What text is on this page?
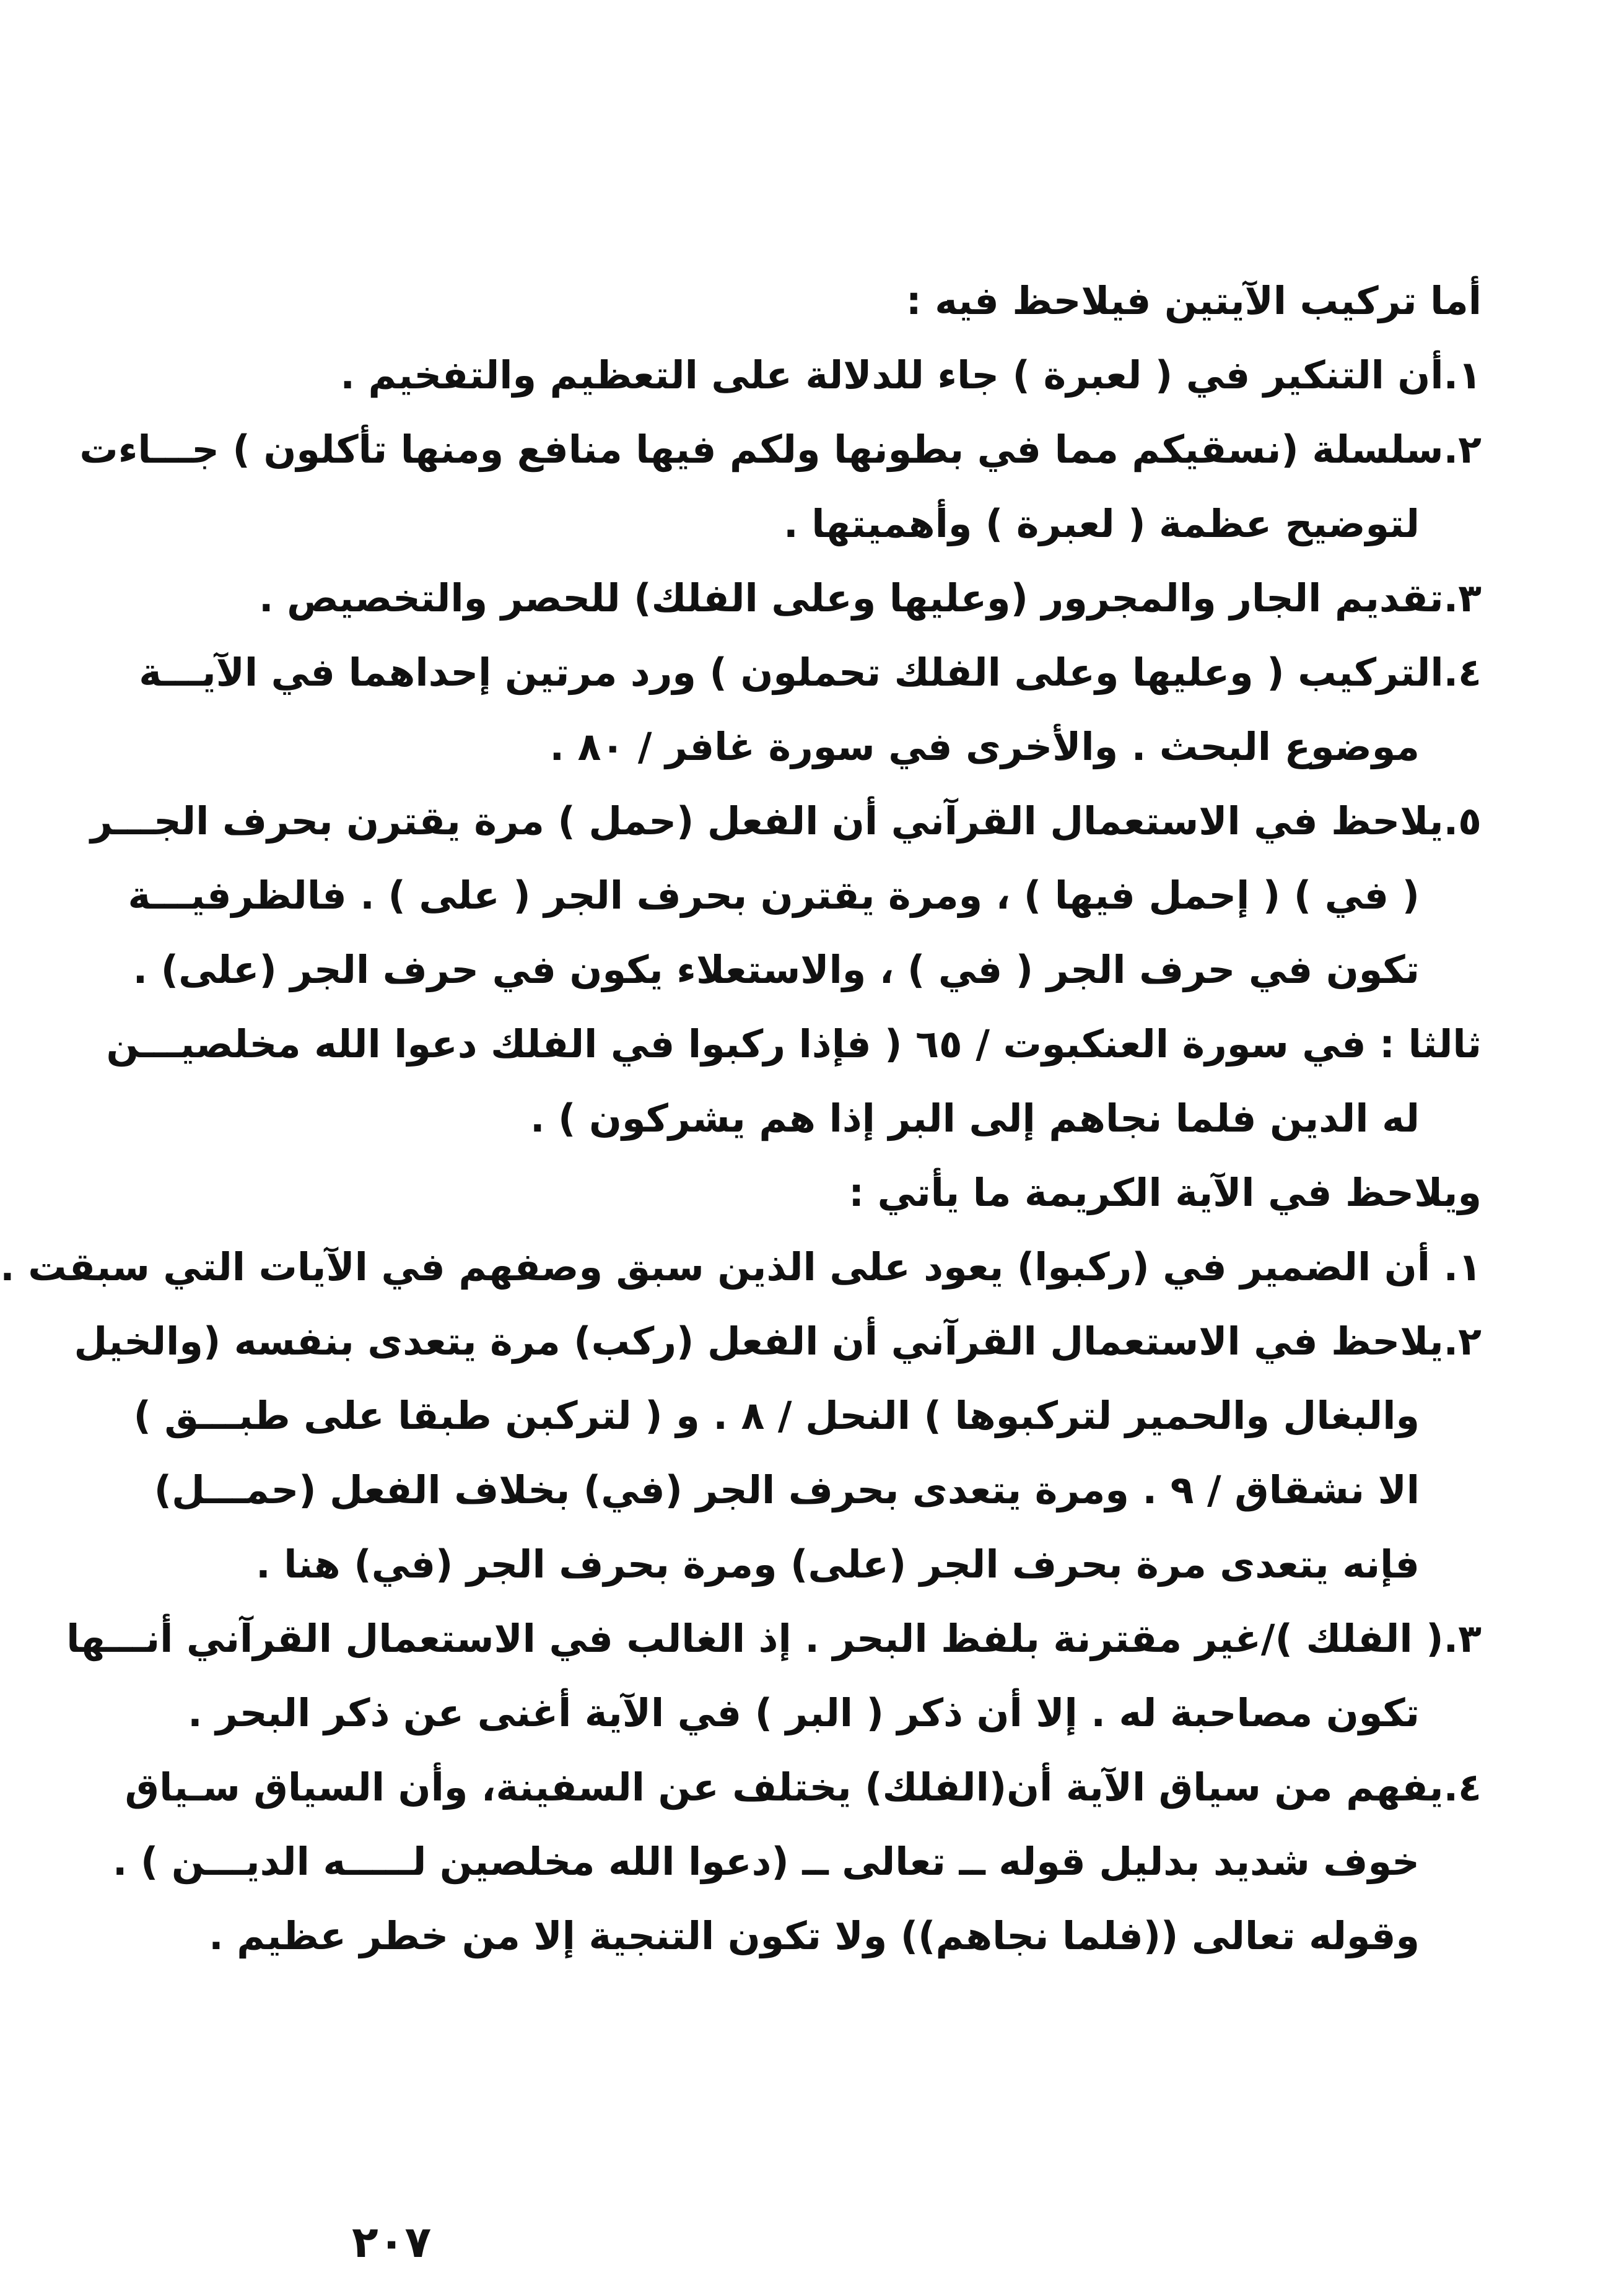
أما تركيب الآيتين فيلاحظ فيه :
١.أن التنكير في ( لعبرة ) جاء للدلالة على التعظيم والتفخيم .
٢.سلسلة (نسقيكم مما في بطونها ولكم فيها منافع ومنها تأكلون ) جـــاءت
لتوضيح عظمة ( لعبرة ) وأهميتها .
٣.تقديم الجار والمجرور (وعليها وعلى الفلك) للحصر والتخصيص .
٤.التركيب ( وعليها وعلى الفلك تحملون ) ورد مرتين إحداهما في الآيـــة
موضوع البحث . والأخرى في سورة غافر / ٨٠ .
٥.يلاحظ في الاستعمال القرآني أن الفعل (حمل ) مرة يقترن بحرف الجـــر
( في ) ( إحمل فيها ) ، ومرة يقترن بحرف الجر ( على ) . فالظرفيـــة
تكون في حرف الجر ( في ) ، والاستعلاء يكون في حرف الجر (على) .
ثالثا : في سورة العنكبوت / ٦٥ ( فإذا ركبوا في الفلك دعوا الله مخلصيـــن
له الدين فلما نجاهم إلى البر إذا هم يشركون ) .
ويلاحظ في الآية الكريمة ما يأتي :
١. أن الضمير في (ركبوا) يعود على الذين سبق وصفهم في الآيات التي سبقت .
٢.يلاحظ في الاستعمال القرآني أن الفعل (ركب) مرة يتعدى بنفسه (والخيل
والبغال والحمير لتركبوها ) النحل / ٨ . و ( لتركبن طبقا على طبـــق )
الا نشقاق / ٩ . ومرة يتعدى بحرف الجر (في) بخلاف الفعل (حمـــل)
فإنه يتعدى مرة بحرف الجر (على) ومرة بحرف الجر (في) هنا .
٣.( الفلك )/غير مقترنة بلفظ البحر . إذ الغالب في الاستعمال القرآني أنـــها
تكون مصاحبة له . إلا أن ذكر ( البر ) في الآية أغنى عن ذكر البحر .
٤.يفهم من سياق الآية أن(الفلك) يختلف عن السفينة، وأن السياق سـياق
خوف شديد بدليل قوله ــ تعالى ــ (دعوا الله مخلصين لـــــه الديـــن ) .
وقوله تعالى ((فلما نجاهم)) ولا تكون التنجية إلا من خطر عظيم .
٢٠٧
